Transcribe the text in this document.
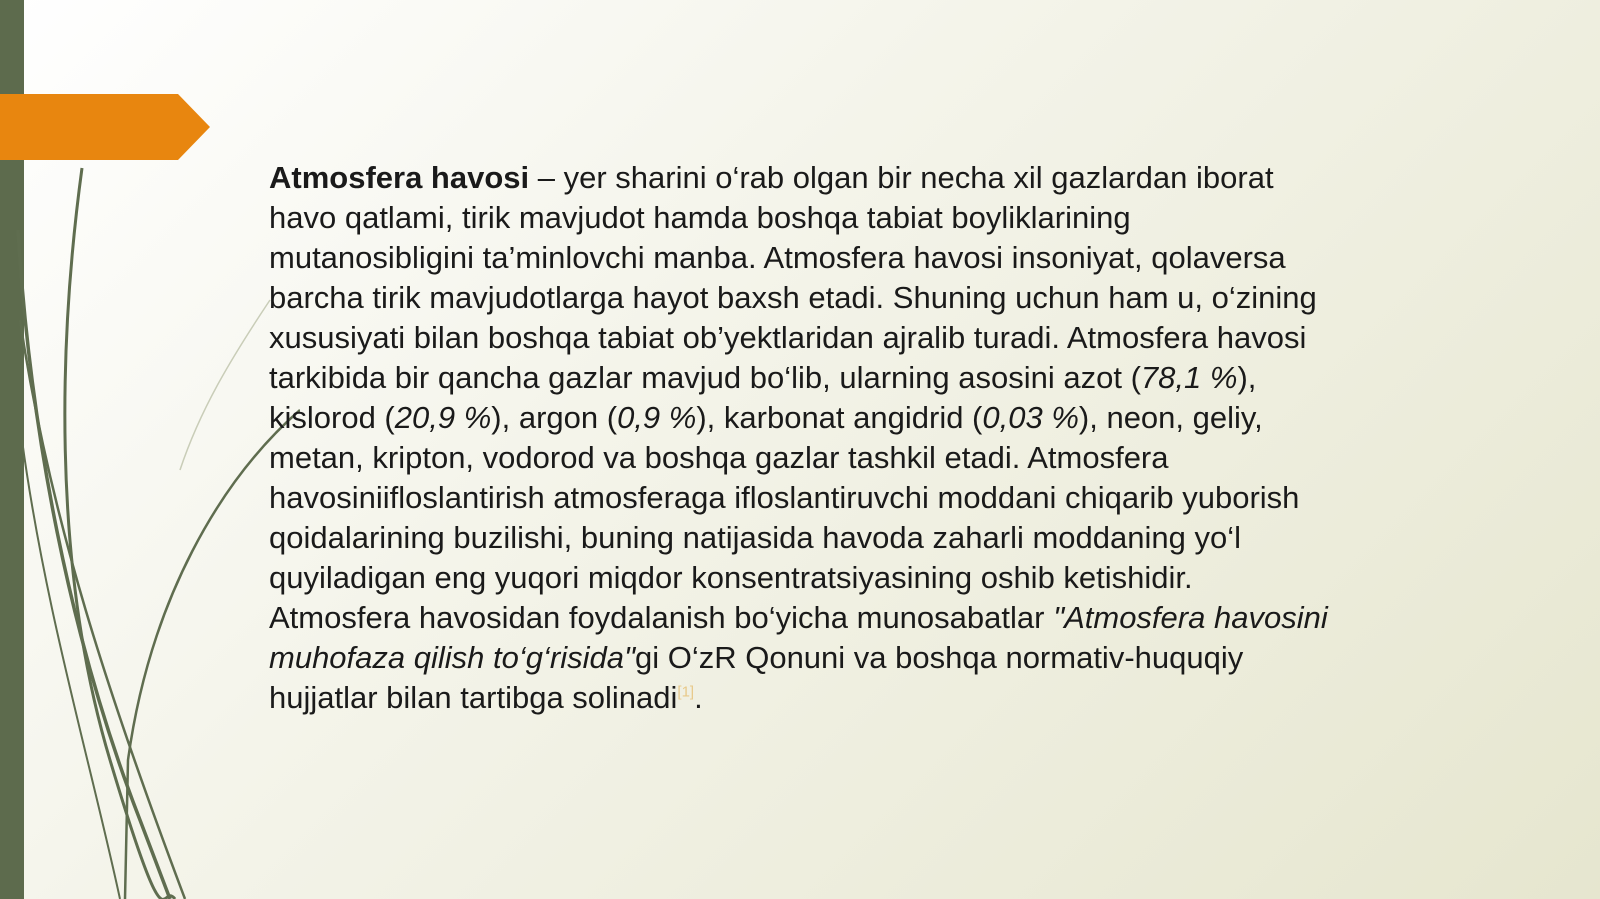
Atmosfera havosi – yer sharini o‘rab olgan bir necha xil gazlardan iborat havo qatlami, tirik mavjudot hamda boshqa tabiat boyliklarining mutanosibligini ta’minlovchi manba. Atmosfera havosi insoniyat, qolaversa barcha tirik mavjudotlarga hayot baxsh etadi. Shuning uchun ham u, o‘zining xususiyati bilan boshqa tabiat ob’yektlaridan ajralib turadi. Atmosfera havosi tarkibida bir qancha gazlar mavjud bo‘lib, ularning asosini azot (78,1 %), kislorod (20,9 %), argon (0,9 %), karbonat angidrid (0,03 %), neon, geliy, metan, kripton, vodorod va boshqa gazlar tashkil etadi. Atmosfera havosiniifloslantirish atmosferaga ifloslantiruvchi moddani chiqarib yuborish qoidalarining buzilishi, buning natijasida havoda zaharli moddaning yo‘l quyiladigan eng yuqori miqdor konsentratsiyasining oshib ketishidir. Atmosfera havosidan foydalanish bo‘yicha munosabatlar "Atmosfera havosini muhofaza qilish to‘g‘risida"gi O‘zR Qonuni va boshqa normativ-huquqiy hujjatlar bilan tartibga solinadi[1].
